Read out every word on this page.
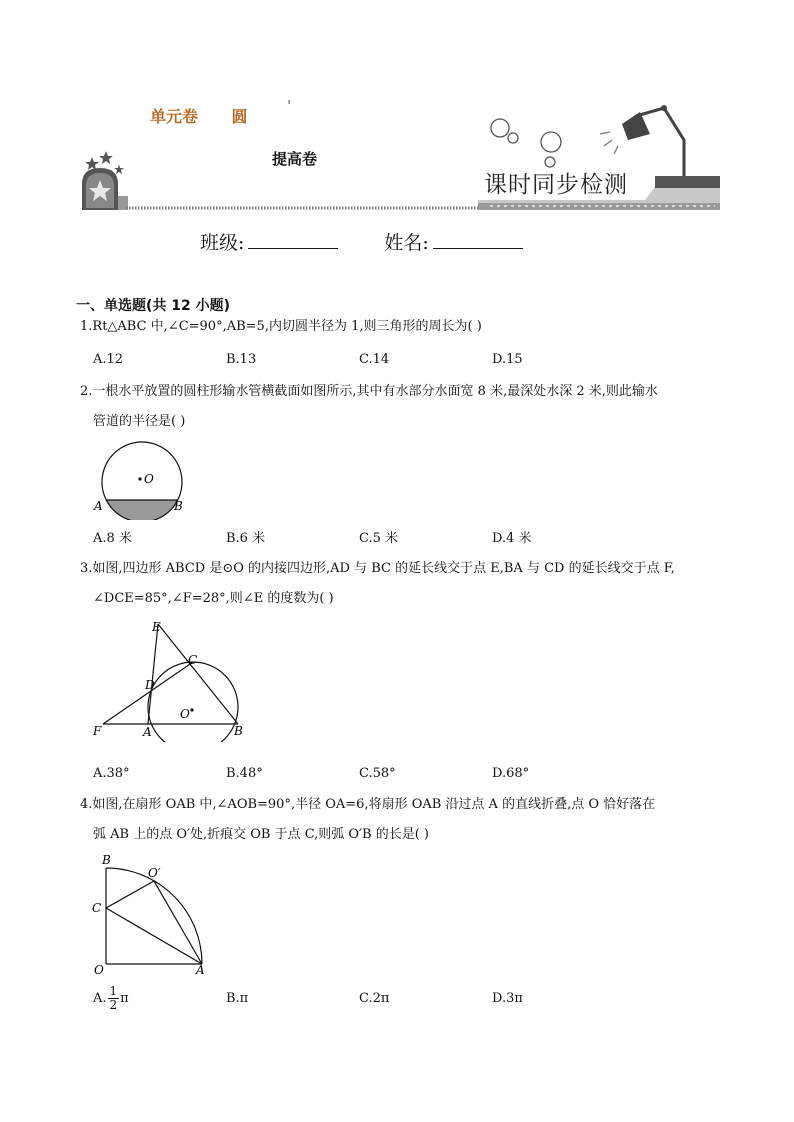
单元卷 圆
提高卷
课时同步检测
班级:	姓名:
一、单选题(共 12 小题)
1.Rt△ABC 中,∠C=90°,AB=5,内切圆半径为 1,则三角形的周长为( )
A.12	B.13	C.14	D.15
2.一根水平放置的圆柱形输水管横截面如图所示,其中有水部分水面宽 8 米,最深处水深 2 米,则此输水
管道的半径是( )
O
A	B
A.8 米	B.6 米	C.5 米	D.4 米
3.如图,四边形 ABCD 是⊙O 的内接四边形,AD 与 BC 的延长线交于点 E,BA 与 CD 的延长线交于点 F,
∠DCE=85°,∠F=28°,则∠E 的度数为( )
E
C
D
O
F	A	B
A.38°	B.48°	C.58°	D.68°
4.如图,在扇形 OAB 中,∠AOB=90°,半径 OA=6,将扇形 OAB 沿过点 A 的直线折叠,点 O 恰好落在
弧 AB 上的点 O′处,折痕交 OB 于点 C,则弧 O′B 的长是( )
B
O′
C
O	A
A. $\frac{1}{2}$ π	B.π	C.2π	D.3π
